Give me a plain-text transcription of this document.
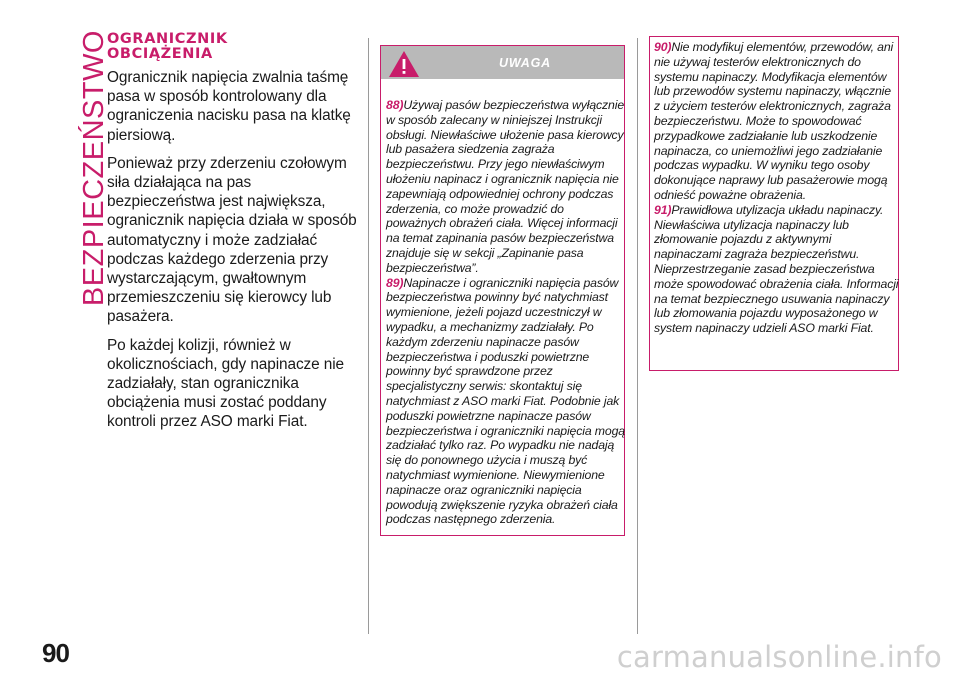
BEZPIECZEŃSTWO
OGRANICZNIK
OBCIĄŻENIA

Ogranicznik napięcia zwalnia taśmę pasa w sposób kontrolowany dla ograniczenia nacisku pasa na klatkę piersiową.

Ponieważ przy zderzeniu czołowym siła działająca na pas bezpieczeństwa jest największa, ogranicznik napięcia działa w sposób automatyczny i może zadziałać podczas każdego zderzenia przy wystarczającym, gwałtownym przemieszczeniu się kierowcy lub pasażera.

Po każdej kolizji, również w okolicznościach, gdy napinacze nie zadziałały, stan ogranicznika obciążenia musi zostać poddany kontroli przez ASO marki Fiat.

UWAGA

88)Używaj pasów bezpieczeństwa wyłącznie w sposób zalecany w niniejszej Instrukcji obsługi. Niewłaściwe ułożenie pasa kierowcy lub pasażera siedzenia zagraża bezpieczeństwu. Przy jego niewłaściwym ułożeniu napinacz i ogranicznik napięcia nie zapewniają odpowiedniej ochrony podczas zderzenia, co może prowadzić do poważnych obrażeń ciała. Więcej informacji na temat zapinania pasów bezpieczeństwa znajduje się w sekcji „Zapinanie pasa bezpieczeństwa”.

89)Napinacze i ograniczniki napięcia pasów bezpieczeństwa powinny być natychmiast wymienione, jeżeli pojazd uczestniczył w wypadku, a mechanizmy zadziałały. Po każdym zderzeniu napinacze pasów bezpieczeństwa i poduszki powietrzne powinny być sprawdzone przez specjalistyczny serwis: skontaktuj się natychmiast z ASO marki Fiat. Podobnie jak poduszki powietrzne napinacze pasów bezpieczeństwa i ograniczniki napięcia mogą zadziałać tylko raz. Po wypadku nie nadają się do ponownego użycia i muszą być natychmiast wymienione. Niewymienione napinacze oraz ograniczniki napięcia powodują zwiększenie ryzyka obrażeń ciała podczas następnego zderzenia.

90)Nie modyfikuj elementów, przewodów, ani nie używaj testerów elektronicznych do systemu napinaczy. Modyfikacja elementów lub przewodów systemu napinaczy, włącznie z użyciem testerów elektronicznych, zagraża bezpieczeństwu. Może to spowodować przypadkowe zadziałanie lub uszkodzenie napinacza, co uniemożliwi jego zadziałanie podczas wypadku. W wyniku tego osoby dokonujące naprawy lub pasażerowie mogą odnieść poważne obrażenia.

91)Prawidłowa utylizacja układu napinaczy. Niewłaściwa utylizacja napinaczy lub złomowanie pojazdu z aktywnymi napinaczami zagraża bezpieczeństwu. Nieprzestrzeganie zasad bezpieczeństwa może spowodować obrażenia ciała. Informacji na temat bezpiecznego usuwania napinaczy lub złomowania pojazdu wyposażonego w system napinaczy udzieli ASO marki Fiat.

90	carmanualsonline.info
